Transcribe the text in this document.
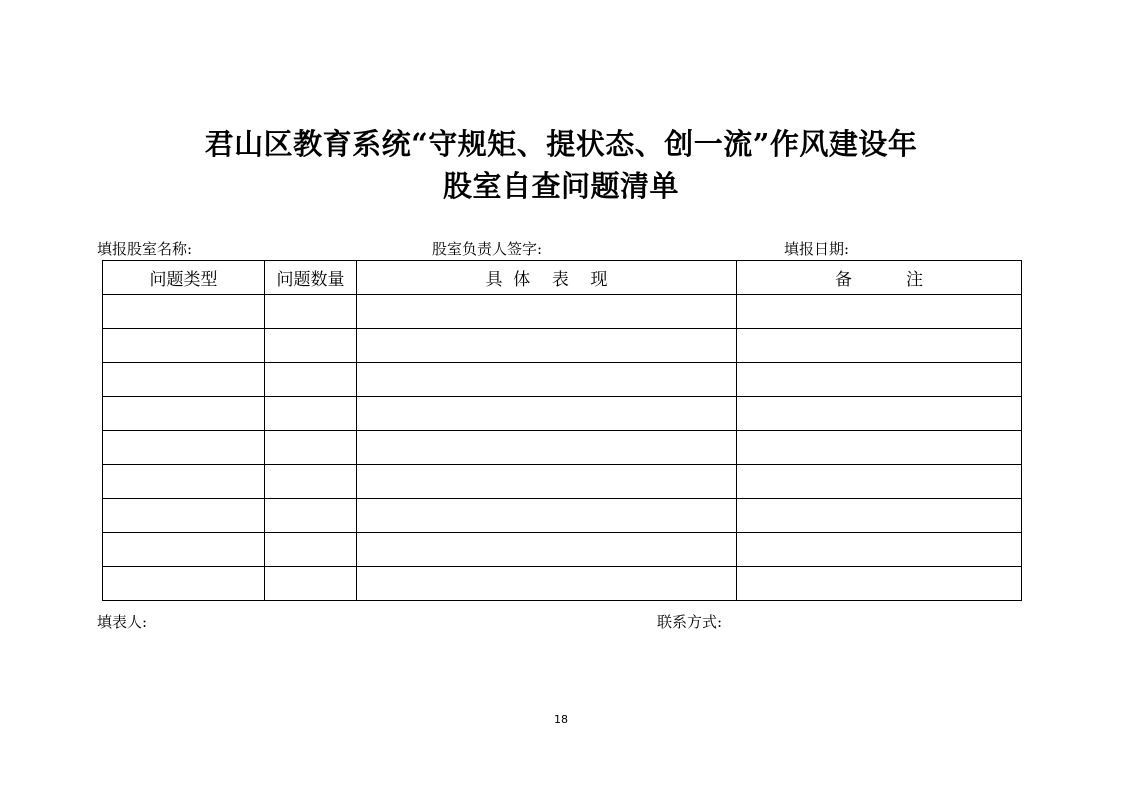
君山区教育系统“守规矩、提状态、创一流”作风建设年
股室自查问题清单
填报股室名称:	股室负责人签字:	填报日期:
问题类型	问题数量	具  体    表    现	备          注

填表人:	联系方式:
18
